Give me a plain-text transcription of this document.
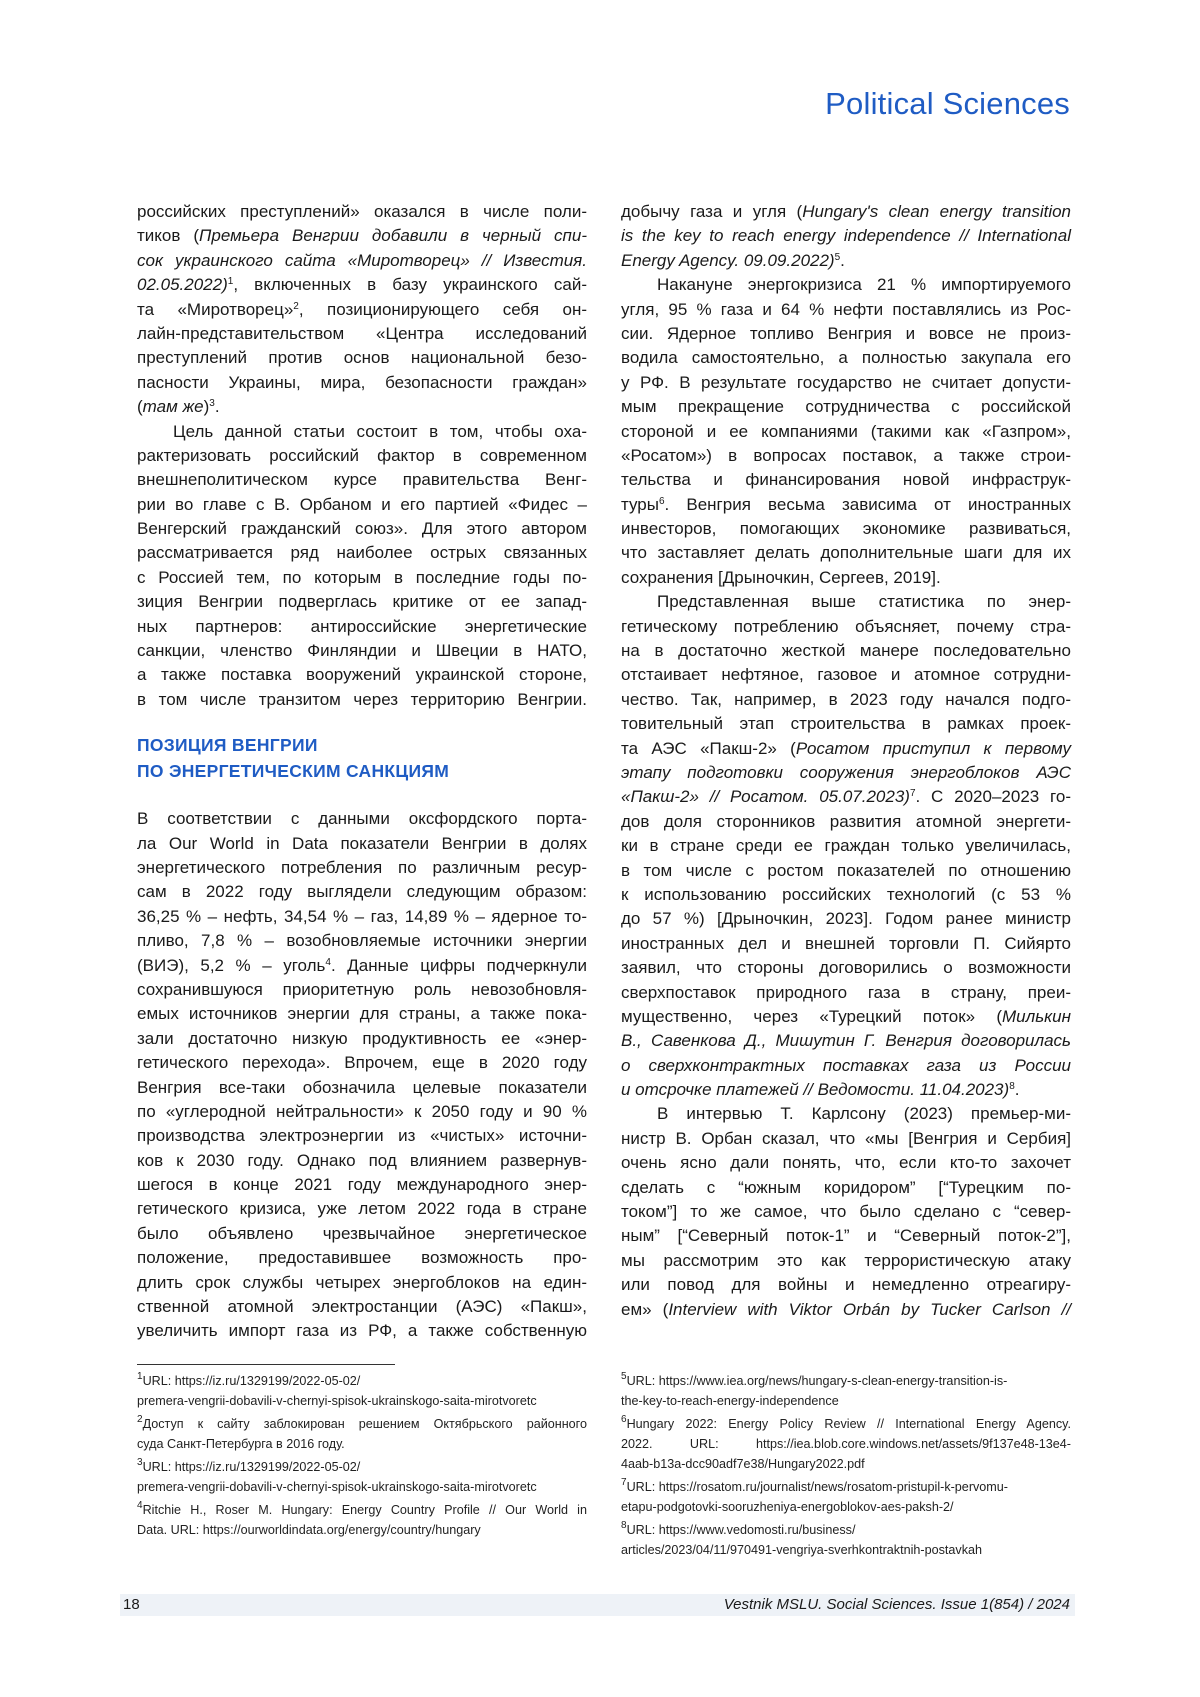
Political Sciences
российских преступлений» оказался в числе поли-
тиков (Премьера Венгрии добавили в черный спи-
сок украинского сайта «Миротворец» // Известия.
02.05.2022)1, включенных в базу украинского сай-
та «Миротворец»2, позиционирующего себя он-
лайн-представительством «Центра исследований
преступлений против основ национальной безо-
пасности Украины, мира, безопасности граждан»
(там же)3.
Цель данной статьи состоит в том, чтобы оха-
рактеризовать российский фактор в современном
внешнеполитическом курсе правительства Венг-
рии во главе с В. Орбаном и его партией «Фидес –
Венгерский гражданский союз». Для этого автором
рассматривается ряд наиболее острых связанных
с Россией тем, по которым в последние годы по-
зиция Венгрии подверглась критике от ее запад-
ных партнеров: антироссийские энергетические
санкции, членство Финляндии и Швеции в НАТО,
а также поставка вооружений украинской стороне,
в том числе транзитом через территорию Венгрии.
ПОЗИЦИЯ ВЕНГРИИ
ПО ЭНЕРГЕТИЧЕСКИМ САНКЦИЯМ
В соответствии с данными оксфордского порта-
ла Our World in Data показатели Венгрии в долях
энергетического потребления по различным ресур-
сам в 2022 году выглядели следующим образом:
36,25 % – нефть, 34,54 % – газ, 14,89 % – ядерное то-
пливо, 7,8 % – возобновляемые источники энергии
(ВИЭ), 5,2 % – уголь4. Данные цифры подчеркнули
сохранившуюся приоритетную роль невозобновля-
емых источников энергии для страны, а также пока-
зали достаточно низкую продуктивность ее «энер-
гетического перехода». Впрочем, еще в 2020 году
Венгрия все-таки обозначила целевые показатели
по «углеродной нейтральности» к 2050 году и 90 %
производства электроэнергии из «чистых» источни-
ков к 2030 году. Однако под влиянием развернув-
шегося в конце 2021 году международного энер-
гетического кризиса, уже летом 2022 года в стране
было объявлено чрезвычайное энергетическое
положение, предоставившее возможность про-
длить срок службы четырех энергоблоков на един-
ственной атомной электростанции (АЭС) «Пакш»,
увеличить импорт газа из РФ, а также собственную
добычу газа и угля (Hungary's clean energy transition
is the key to reach energy independence // International
Energy Agency. 09.09.2022)5.
Накануне энергокризиса 21 % импортируемого
угля, 95 % газа и 64 % нефти поставлялись из Рос-
сии. Ядерное топливо Венгрия и вовсе не произ-
водила самостоятельно, а полностью закупала его
у РФ. В результате государство не считает допусти-
мым прекращение сотрудничества с российской
стороной и ее компаниями (такими как «Газпром»,
«Росатом») в вопросах поставок, а также строи-
тельства и финансирования новой инфраструк-
туры6. Венгрия весьма зависима от иностранных
инвесторов, помогающих экономике развиваться,
что заставляет делать дополнительные шаги для их
сохранения [Дрыночкин, Сергеев, 2019].
Представленная выше статистика по энер-
гетическому потреблению объясняет, почему стра-
на в достаточно жесткой манере последовательно
отстаивает нефтяное, газовое и атомное сотрудни-
чество. Так, например, в 2023 году начался подго-
товительный этап строительства в рамках проек-
та АЭС «Пакш-2» (Росатом приступил к первому
этапу подготовки сооружения энергоблоков АЭС
«Пакш-2» // Росатом. 05.07.2023)7. С 2020–2023 го-
дов доля сторонников развития атомной энергети-
ки в стране среди ее граждан только увеличилась,
в том числе с ростом показателей по отношению
к использованию российских технологий (с 53 %
до 57 %) [Дрыночкин, 2023]. Годом ранее министр
иностранных дел и внешней торговли П. Сийярто
заявил, что стороны договорились о возможности
сверхпоставок природного газа в страну, преи-
мущественно, через «Турецкий поток» (Милькин
В., Савенкова Д., Мишутин Г. Венгрия договорилась
о сверхконтрактных поставках газа из России
и отсрочке платежей // Ведомости. 11.04.2023)8.
В интервью Т. Карлсону (2023) премьер-ми-
нистр В. Орбан сказал, что «мы [Венгрия и Сербия]
очень ясно дали понять, что, если кто-то захочет
сделать с “южным коридором” [“Турецким по-
током”] то же самое, что было сделано с “север-
ным” [“Северный поток-1” и “Северный поток-2”],
мы рассмотрим это как террористическую атаку
или повод для войны и немедленно отреагиру-
ем» (Interview with Viktor Orbán by Tucker Carlson //
1URL: https://iz.ru/1329199/2022-05-02/
premera-vengrii-dobavili-v-chernyi-spisok-ukrainskogo-saita-mirotvoretc
2Доступ к сайту заблокирован решением Октябрьского районного
суда Санкт-Петербурга в 2016 году.
3URL: https://iz.ru/1329199/2022-05-02/
premera-vengrii-dobavili-v-chernyi-spisok-ukrainskogo-saita-mirotvoretc
4Ritchie H., Roser M. Hungary: Energy Country Profile // Our World in
Data. URL: https://ourworldindata.org/energy/country/hungary
5URL: https://www.iea.org/news/hungary-s-clean-energy-transition-is-
the-key-to-reach-energy-independence
6Hungary 2022: Energy Policy Review // International Energy Agency.
2022. URL: https://iea.blob.core.windows.net/assets/9f137e48-13e4-
4aab-b13a-dcc90adf7e38/Hungary2022.pdf
7URL: https://rosatom.ru/journalist/news/rosatom-pristupil-k-pervomu-
etapu-podgotovki-sooruzheniya-energoblokov-aes-paksh-2/
8URL: https://www.vedomosti.ru/business/
articles/2023/04/11/970491-vengriya-sverhkontraktnih-postavkah
18	Vestnik MSLU. Social Sciences. Issue 1(854) / 2024
